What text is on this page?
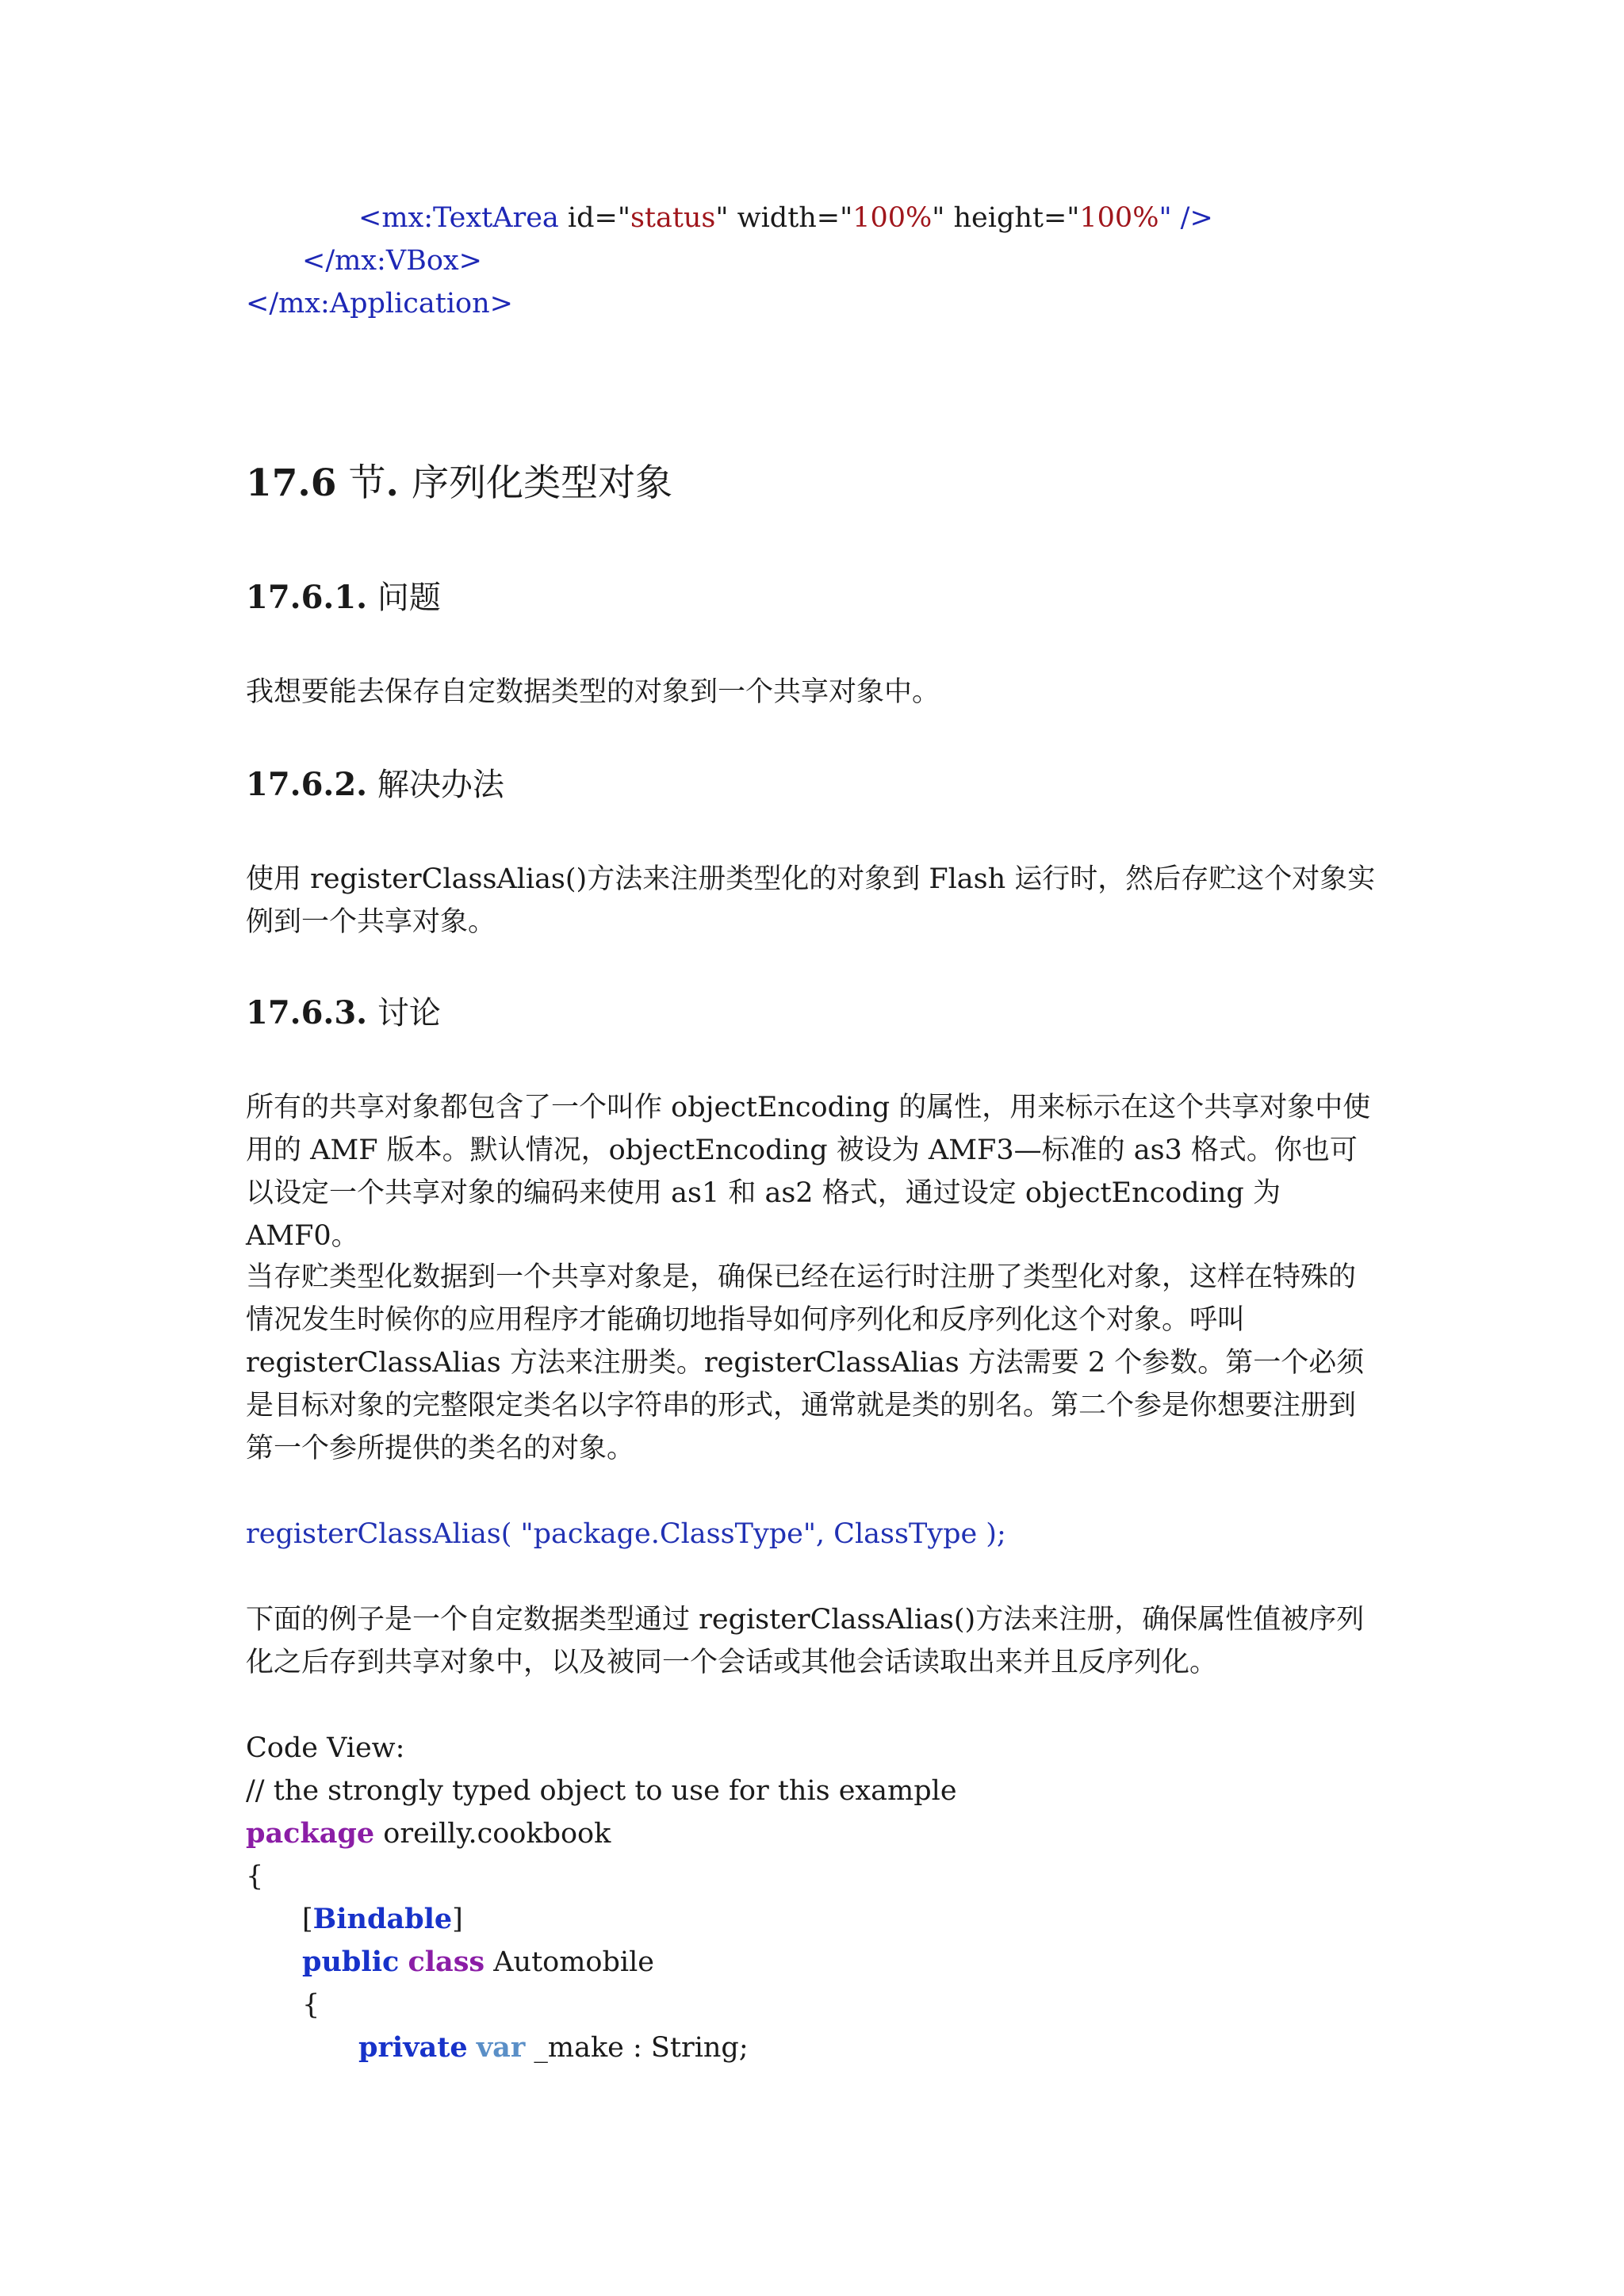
<mx:TextArea id="status" width="100%" height="100%" />
</mx:VBox>
</mx:Application>
17.6 节. 序列化类型对象
17.6.1. 问题
我想要能去保存自定数据类型的对象到一个共享对象中。
17.6.2. 解决办法
使用 registerClassAlias()方法来注册类型化的对象到 Flash 运行时，然后存贮这个对象实例到一个共享对象。
17.6.3. 讨论
所有的共享对象都包含了一个叫作 objectEncoding 的属性，用来标示在这个共享对象中使用的 AMF 版本。默认情况，objectEncoding 被设为 AMF3—标准的 as3 格式。你也可以设定一个共享对象的编码来使用 as1 和 as2 格式，通过设定 objectEncoding 为 AMF0。
当存贮类型化数据到一个共享对象是，确保已经在运行时注册了类型化对象，这样在特殊的情况发生时候你的应用程序才能确切地指导如何序列化和反序列化这个对象。呼叫 registerClassAlias 方法来注册类。registerClassAlias 方法需要 2 个参数。第一个必须是目标对象的完整限定类名以字符串的形式，通常就是类的别名。第二个参是你想要注册到第一个参所提供的类名的对象。
registerClassAlias( "package.ClassType", ClassType );
下面的例子是一个自定数据类型通过 registerClassAlias()方法来注册，确保属性值被序列化之后存到共享对象中，以及被同一个会话或其他会话读取出来并且反序列化。
Code View:
// the strongly typed object to use for this example
package oreilly.cookbook
{
[Bindable]
public class Automobile
{
private var _make : String;
